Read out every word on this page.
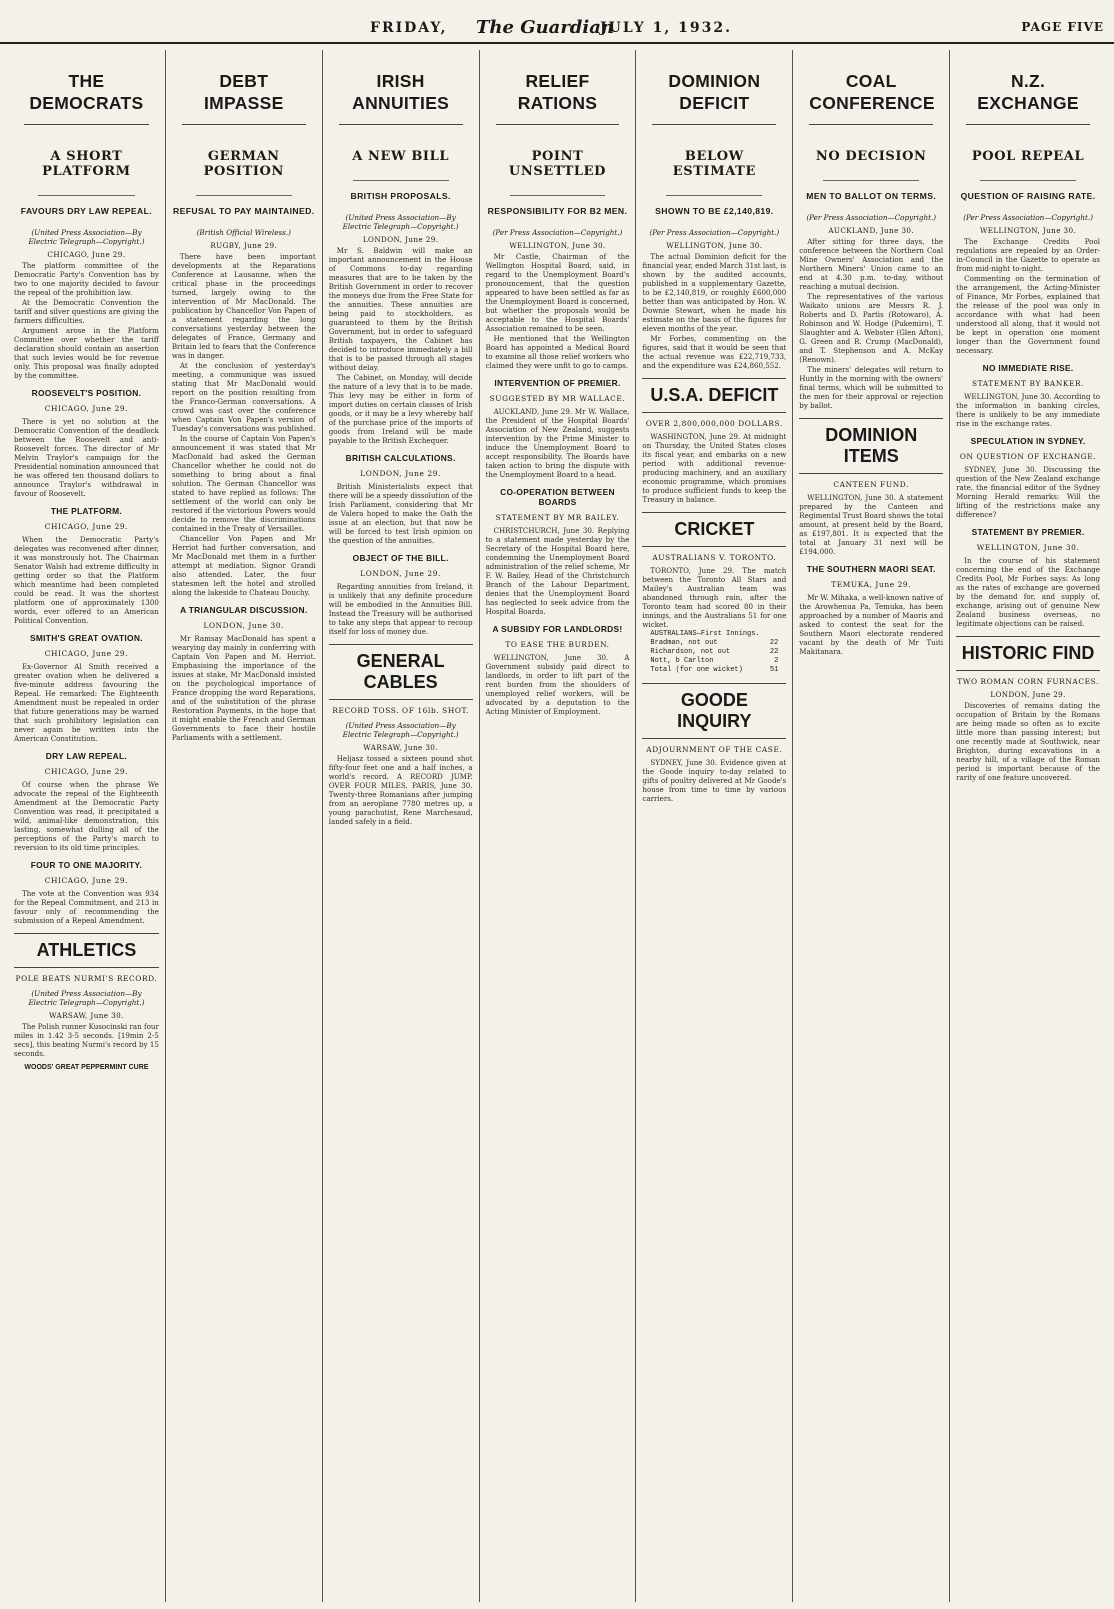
FRIDAY, The Guardian
JULY 1, 1932.	PAGE FIVE
THE DEMOCRATS
A SHORT PLATFORM
FAVOURS DRY LAW REPEAL.
(United Press Association—By Electric Telegraph—Copyright.)
CHICAGO, June 29.

The platform committee of the Democratic Party's Convention has by two to one majority decided to favour the repeal of the prohibition law.

At the Democratic Convention the tariff and silver questions are giving the farmers difficulties.

Argument arose in the Platform Committee over whether the tariff declaration should contain an assertion that such levies would be for revenue only. This proposal was finally adopted by the committee.

ROOSEVELT'S POSITION.
CHICAGO, June 29.

There is yet no solution at the Democratic Convention of the deadlock between the Roosevelt and anti-Roosevelt forces. The director of Mr Melvin Traylor's campaign for the Presidential nomination announced that he was offered ten thousand dollars to announce Traylor's withdrawal in favour of Roosevelt.

THE PLATFORM.
CHICAGO, June 29.

When the Democratic Party's delegates was reconvened after dinner, it was monstrously hot. The Chairman Senator Walsh had extreme difficulty in getting order so that the Platform which meantime had been completed could be read. It was the shortest platform one of approximately 1300 words, ever offered to an American Political Convention.

SMITH'S GREAT OVATION.
CHICAGO, June 29.

Ex-Governor Al Smith received a greater ovation when he delivered a five-minute address favouring the Repeal. He remarked: The Eighteenth Amendment must be repealed in order that future generations may be warned that such prohibitory legislation can never again be written into the American Constitution.

DRY LAW REPEAL.
CHICAGO, June 29.

Of course when the phrase We advocate the repeal of the Eighteenth Amendment at the Democratic Party Convention was read, it precipitated a wild, animal-like demonstration, this lasting, somewhat dulling all of the perceptions of the Party's march to reversion to its old time principles.

FOUR TO ONE MAJORITY.
CHICAGO, June 29.

The vote at the Convention was 934 for the Repeal Commitment, and 213 in favour only of recommending the submission of a Repeal Amendment.

ATHLETICS
POLE BEATS NURMI'S RECORD.
(United Press Association—By Electric Telegraph—Copyright.)
WARSAW, June 30.

The Polish runner Kusocinski ran four miles in 1.42 3-5 seconds. [19min 2-5 secs], this beating Nurmi's record by 15 seconds.

WOODS' GREAT PEPPERMINT CURE
DEBT IMPASSE
GERMAN POSITION
REFUSAL TO PAY MAINTAINED.
(British Official Wireless.)
RUGBY, June 29.

There have been important developments at the Reparations Conference at Lausanne, when the critical phase in the proceedings turned, largely owing to the intervention of Mr MacDonald. The publication by Chancellor Von Papen of a statement regarding the long conversations yesterday between the delegates of France, Germany and Britain led to fears that the Conference was in danger.

At the conclusion of yesterday's meeting, a communique was issued stating that Mr MacDonald would report on the position resulting from the Franco-German conversations. A crowd was cast over the conference when Captain Von Papen's version of Tuesday's conversations was published.

In the course of Captain Von Papen's announcement it was stated that Mr MacDonald had asked the German Chancellor whether he could not do something to bring about a final solution. The German Chancellor was stated to have replied as follows: The settlement of the world can only be restored if the victorious Powers would decide to remove the discriminations contained in the Treaty of Versailles.

Chancellor Von Papen and Mr Herriot had further conversation, and Mr MacDonald met them in a further attempt at mediation. Signor Grandi also attended. Later, the four statesmen left the hotel and strolled along the lakeside to Chateau Douchy.

A TRIANGULAR DISCUSSION.
LONDON, June 30.

Mr Ramsay MacDonald has spent a wearying day mainly in conferring with Captain Von Papen and M. Herriot. Emphasising the importance of the issues at stake, Mr MacDonald insisted on the psychological importance of France dropping the word Reparations, and of the substitution of the phrase Restoration Payments, in the hope that it might enable the French and German Governments to face their hostile Parliaments with a settlement.

IRISH ANNUITIES
A NEW BILL
BRITISH PROPOSALS.
(United Press Association—By Electric Telegraph—Copyright.)
LONDON, June 29.

Mr S. Baldwin will make an important announcement in the House of Commons to-day regarding measures that are to be taken by the British Government in order to recover the moneys due from the Free State for the annuities. These annuities are being paid to stockholders, as guaranteed to them by the British Government, but in order to safeguard British taxpayers, the Cabinet has decided to introduce immediately a bill that is to be passed through all stages without delay.

The Cabinet, on Monday, will decide the nature of a levy that is to be made. This levy may be either in form of import duties on certain classes of Irish goods, or it may be a levy whereby half of the purchase price of the imports of goods from Ireland will be made payable to the British Exchequer.

BRITISH CALCULATIONS.
LONDON, June 29.

British Ministerialists expect that there will be a speedy dissolution of the Irish Parliament, considering that Mr de Valera hoped to make the Oath the issue at an election, but that now he will be forced to test Irish opinion on the question of the annuities.

OBJECT OF THE BILL.
LONDON, June 29.

Regarding annuities from Ireland, it is unlikely that any definite procedure will be embodied in the Annuities Bill. Instead the Treasury will be authorised to take any steps that appear to recoup itself for loss of money due.

GENERAL CABLES
RECORD TOSS. OF 16lb. SHOT.
(United Press Association—By Electric Telegraph—Copyright.)
WARSAW, June 30.

Heljasz tossed a sixteen pound shot fifty-four feet one and a half inches, a world's record. A RECORD JUMP. OVER FOUR MILES. PARIS, June 30. Twenty-three Romanians after jumping from an aeroplane 7780 metres up, a young parachutist, Rene Marchesaud, landed safely in a field.

RELIEF RATIONS
POINT UNSETTLED
RESPONSIBILITY FOR B2 MEN.
(Per Press Association—Copyright.)
WELLINGTON, June 30.

Mr Castle, Chairman of the Wellington Hospital Board, said, in regard to the Unemployment Board's pronouncement, that the question appeared to have been settled as far as the Unemployment Board is concerned, but whether the proposals would be acceptable to the Hospital Boards' Association remained to be seen.

He mentioned that the Wellington Board has appointed a Medical Board to examine all those relief workers who claimed they were unfit to go to camps.

INTERVENTION OF PREMIER.
SUGGESTED BY MR WALLACE.

AUCKLAND, June 29. Mr W. Wallace, the President of the Hospital Boards' Association of New Zealand, suggests intervention by the Prime Minister to induce the Unemployment Board to accept responsibility. The Boards have taken action to bring the dispute with the Unemployment Board to a head.

CO-OPERATION BETWEEN BOARDS
STATEMENT BY MR BAILEY.

CHRISTCHURCH, June 30. Replying to a statement made yesterday by the Secretary of the Hospital Board here, condemning the Unemployment Board administration of the relief scheme, Mr F. W. Bailey, Head of the Christchurch Branch of the Labour Department, denies that the Unemployment Board has neglected to seek advice from the Hospital Boards.

A SUBSIDY FOR LANDLORDS!
TO EASE THE BURDEN.

WELLINGTON, June 30. A Government subsidy paid direct to landlords, in order to lift part of the rent burden from the shoulders of unemployed relief workers, will be advocated by a deputation to the Acting Minister of Employment.

DOMINION DEFICIT
BELOW ESTIMATE
SHOWN TO BE £2,140,819.
(Per Press Association—Copyright.)
WELLINGTON, June 30.

The actual Dominion deficit for the financial year, ended March 31st last, is shown by the audited accounts, published in a supplementary Gazette, to be £2,140,819, or roughly £600,000 better than was anticipated by Hon. W. Downie Stewart, when he made his estimate on the basis of the figures for eleven months of the year.

Mr Forbes, commenting on the figures, said that it would be seen that the actual revenue was £22,719,733, and the expenditure was £24,860,552.

U.S.A. DEFICIT
OVER 2,800,000,000 DOLLARS.

WASHINGTON, June 29. At midnight on Thursday, the United States closes its fiscal year, and embarks on a new period with additional revenue-producing machinery, and an auxiliary economic programme, which promises to produce sufficient funds to keep the Treasury in balance.

CRICKET
AUSTRALIANS V. TORONTO.

TORONTO, June 29. The match between the Toronto All Stars and Mailey's Australian team was abandoned through rain, after the Toronto team had scored 80 in their innings, and the Australians 51 for one wicket.

AUSTRALIANS—First Innings.
Bradman, not out	22
Richardson, not out	22
Nott, b Carlton	2
Total (for one wicket)	51
GOODE INQUIRY
ADJOURNMENT OF THE CASE.

SYDNEY, June 30. Evidence given at the Goode inquiry to-day related to gifts of poultry delivered at Mr Goode's house from time to time by various carriers.

COAL CONFERENCE
NO DECISION
MEN TO BALLOT ON TERMS.
(Per Press Association—Copyright.)
AUCKLAND, June 30.

After sitting for three days, the conference between the Northern Coal Mine Owners' Association and the Northern Miners' Union came to an end at 4.30 p.m. to-day, without reaching a mutual decision.

The representatives of the various Waikato unions are Messrs R. J. Roberts and D. Partis (Rotowaro), A. Robinson and W. Hodge (Pukemiro), T. Slaughter and A. Webster (Glen Afton), G. Green and R. Crump (MacDonald), and T. Stephenson and A. McKay (Renown).

The miners' delegates will return to Huntly in the morning with the owners' final terms, which will be submitted to the men for their approval or rejection by ballot.

DOMINION ITEMS
CANTEEN FUND.

WELLINGTON, June 30. A statement prepared by the Canteen and Regimental Trust Board shows the total amount, at present held by the Board, as £197,801. It is expected that the total at January 31 next will be £194,000.

THE SOUTHERN MAORI SEAT.
TEMUKA, June 29.

Mr W. Mihaka, a well-known native of the Arowhenua Pa, Temuka, has been approached by a number of Maoris and asked to contest the seat for the Southern Maori electorate rendered vacant by the death of Mr Tuiti Makitanara.

N.Z. EXCHANGE
POOL REPEAL
QUESTION OF RAISING RATE.
(Per Press Association—Copyright.)
WELLINGTON, June 30.

The Exchange Credits Pool regulations are repealed by an Order-in-Council in the Gazette to operate as from mid-night to-night.

Commenting on the termination of the arrangement, the Acting-Minister of Finance, Mr Forbes, explained that the release of the pool was only in accordance with what had been understood all along, that it would not be kept in operation one moment longer than the Government found necessary.

NO IMMEDIATE RISE.
STATEMENT BY BANKER.

WELLINGTON, June 30. According to the information in banking circles, there is unlikely to be any immediate rise in the exchange rates.

SPECULATION IN SYDNEY.
ON QUESTION OF EXCHANGE.

SYDNEY, June 30. Discussing the question of the New Zealand exchange rate, the financial editor of the Sydney Morning Herald remarks: Will the lifting of the restrictions make any difference?

STATEMENT BY PREMIER.
WELLINGTON, June 30.

In the course of his statement concerning the end of the Exchange Credits Pool, Mr Forbes says: As long as the rates of exchange are governed by the demand for, and supply of, exchange, arising out of genuine New Zealand business overseas, no legitimate objections can be raised.

HISTORIC FIND
TWO ROMAN CORN FURNACES.
LONDON, June 29.

Discoveries of remains dating the occupation of Britain by the Romans are being made so often as to excite little more than passing interest; but one recently made at Southwick, near Brighton, during excavations in a nearby hill, of a village of the Roman period is important because of the rarity of one feature uncovered.
